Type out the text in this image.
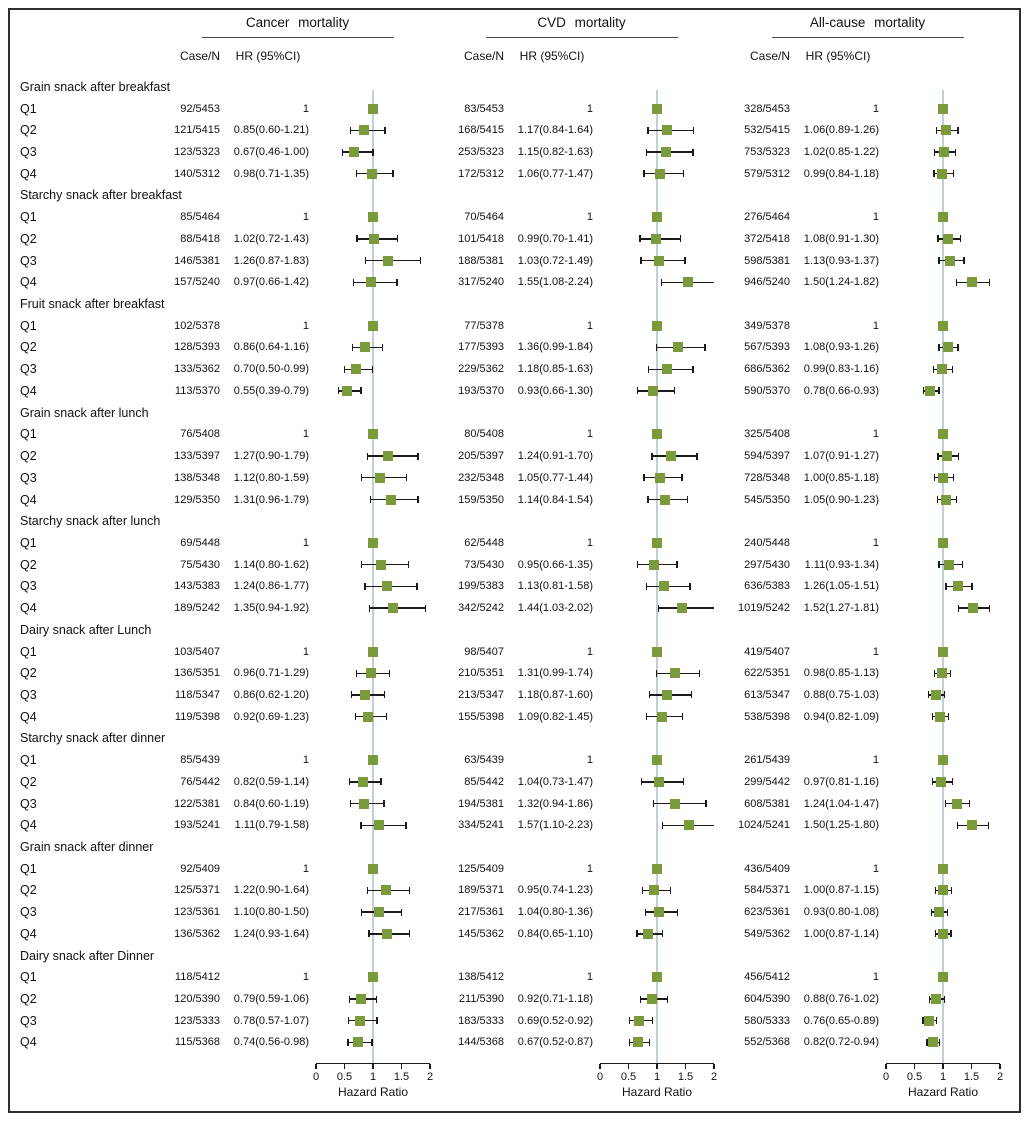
Cancer mortality
Case/N	HR (95%CI)
CVD mortality
Case/N	HR (95%CI)
All-cause mortality
Case/N	HR (95%CI)
Grain snack after breakfast
Q1	92/5453	1	83/5453	1	328/5453	1
Q2	121/5415	0.85(0.60-1.21)	168/5415	1.17(0.84-1.64)	532/5415	1.06(0.89-1.26)
Q3	123/5323	0.67(0.46-1.00)	253/5323	1.15(0.82-1.63)	753/5323	1.02(0.85-1.22)
Q4	140/5312	0.98(0.71-1.35)	172/5312	1.06(0.77-1.47)	579/5312	0.99(0.84-1.18)
Starchy snack after breakfast
Q1	85/5464	1	70/5464	1	276/5464	1
Q2	88/5418	1.02(0.72-1.43)	101/5418	0.99(0.70-1.41)	372/5418	1.08(0.91-1.30)
Q3	146/5381	1.26(0.87-1.83)	188/5381	1.03(0.72-1.49)	598/5381	1.13(0.93-1.37)
Q4	157/5240	0.97(0.66-1.42)	317/5240	1.55(1.08-2.24)	946/5240	1.50(1.24-1.82)
Fruit snack after breakfast
Q1	102/5378	1	77/5378	1	349/5378	1
Q2	128/5393	0.86(0.64-1.16)	177/5393	1.36(0.99-1.84)	567/5393	1.08(0.93-1.26)
Q3	133/5362	0.70(0.50-0.99)	229/5362	1.18(0.85-1.63)	686/5362	0.99(0.83-1.16)
Q4	113/5370	0.55(0.39-0.79)	193/5370	0.93(0.66-1.30)	590/5370	0.78(0.66-0.93)
Grain snack after lunch
Q1	76/5408	1	80/5408	1	325/5408	1
Q2	133/5397	1.27(0.90-1.79)	205/5397	1.24(0.91-1.70)	594/5397	1.07(0.91-1.27)
Q3	138/5348	1.12(0.80-1.59)	232/5348	1.05(0.77-1.44)	728/5348	1.00(0.85-1.18)
Q4	129/5350	1.31(0.96-1.79)	159/5350	1.14(0.84-1.54)	545/5350	1.05(0.90-1.23)
Starchy snack after lunch
Q1	69/5448	1	62/5448	1	240/5448	1
Q2	75/5430	1.14(0.80-1.62)	73/5430	0.95(0.66-1.35)	297/5430	1.11(0.93-1.34)
Q3	143/5383	1.24(0.86-1.77)	199/5383	1.13(0.81-1.58)	636/5383	1.26(1.05-1.51)
Q4	189/5242	1.35(0.94-1.92)	342/5242	1.44(1.03-2.02)	1019/5242	1.52(1.27-1.81)
Dairy snack after Lunch
Q1	103/5407	1	98/5407	1	419/5407	1
Q2	136/5351	0.96(0.71-1.29)	210/5351	1.31(0.99-1.74)	622/5351	0.98(0.85-1.13)
Q3	118/5347	0.86(0.62-1.20)	213/5347	1.18(0.87-1.60)	613/5347	0.88(0.75-1.03)
Q4	119/5398	0.92(0.69-1.23)	155/5398	1.09(0.82-1.45)	538/5398	0.94(0.82-1.09)
Starchy snack after dinner
Q1	85/5439	1	63/5439	1	261/5439	1
Q2	76/5442	0.82(0.59-1.14)	85/5442	1.04(0.73-1.47)	299/5442	0.97(0.81-1.16)
Q3	122/5381	0.84(0.60-1.19)	194/5381	1.32(0.94-1.86)	608/5381	1.24(1.04-1.47)
Q4	193/5241	1.11(0.79-1.58)	334/5241	1.57(1.10-2.23)	1024/5241	1.50(1.25-1.80)
Grain snack after dinner
Q1	92/5409	1	125/5409	1	436/5409	1
Q2	125/5371	1.22(0.90-1.64)	189/5371	0.95(0.74-1.23)	584/5371	1.00(0.87-1.15)
Q3	123/5361	1.10(0.80-1.50)	217/5361	1.04(0.80-1.36)	623/5361	0.93(0.80-1.08)
Q4	136/5362	1.24(0.93-1.64)	145/5362	0.84(0.65-1.10)	549/5362	1.00(0.87-1.14)
Dairy snack after Dinner
Q1	118/5412	1	138/5412	1	456/5412	1
Q2	120/5390	0.79(0.59-1.06)	211/5390	0.92(0.71-1.18)	604/5390	0.88(0.76-1.02)
Q3	123/5333	0.78(0.57-1.07)	183/5333	0.69(0.52-0.92)	580/5333	0.76(0.65-0.89)
Q4	115/5368	0.74(0.56-0.98)	144/5368	0.67(0.52-0.87)	552/5368	0.82(0.72-0.94)
0 0.5 1 1.5 2
Hazard Ratio
0 0.5 1 1.5 2
Hazard Ratio
0 0.5 1 1.5 2
Hazard Ratio
